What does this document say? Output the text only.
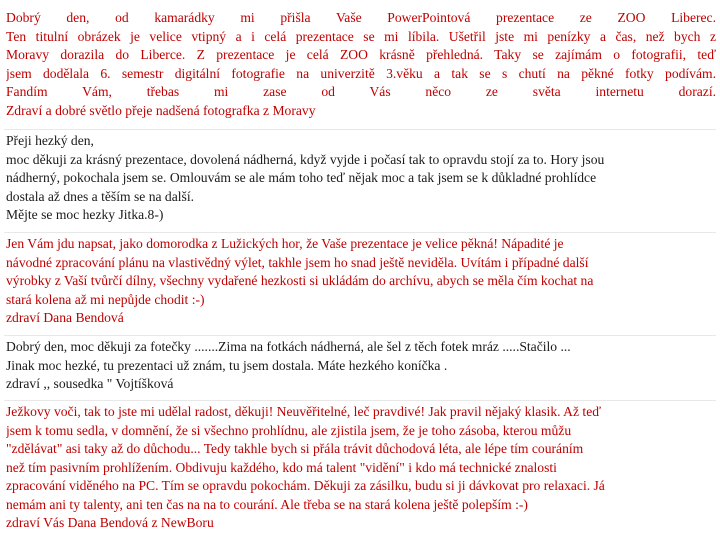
Dobrý den, od kamarádky mi přišla Vaše PowerPointová prezentace ze ZOO Liberec.
Ten titulní obrázek je velice vtipný a i celá prezentace se mi líbila. Ušetřil jste mi penízky a čas, než bych z
Moravy dorazila do Liberce. Z prezentace je celá ZOO krásně přehledná. Taky se zajímám o fotografii, teď
jsem dodělala 6. semestr digitální fotografie na univerzitě 3.věku a tak se s chutí na pěkné fotky podívám.
Fandím Vám, třebas mi zase od Vás něco ze světa internetu dorazí.
Zdraví a dobré světlo přeje nadšená fotografka z Moravy
Přeji hezký den,
moc děkuji za krásný prezentace, dovolená nádherná, když vyjde i počasí tak to opravdu stojí za to. Hory jsou
nádherný, pokochala jsem se. Omlouvám se ale mám toho teď nějak moc a tak jsem se k důkladné prohlídce
dostala až dnes a těším se na další.
Mějte se moc hezky Jitka.8-)
Jen Vám jdu napsat, jako domorodka z Lužických hor, že Vaše prezentace je velice pěkná! Nápadité je
návodné zpracování plánu na vlastivědný výlet, takhle jsem ho snad ještě neviděla. Uvítám i případné další
výrobky z Vaší tvůrčí dílny, všechny vydařené hezkosti si ukládám do archívu, abych se měla čím kochat na
stará kolena až mi nepůjde chodit :-)
zdraví Dana Bendová
Dobrý den, moc děkuji za fotečky .......Zima na fotkách nádherná, ale šel z těch fotek mráz .....Stačilo ...
Jinak moc hezké, tu prezentaci už znám, tu jsem dostala. Máte hezkého koníčka .
zdraví ,, sousedka " Vojtíšková
Ježkovy voči, tak to jste mi udělal radost, děkuji! Neuvěřitelné, leč pravdivé! Jak pravil nějaký klasik. Až teď
jsem k tomu sedla, v domnění, že si všechno prohlídnu, ale zjistila jsem, že je toho zásoba, kterou můžu
"zdělávat" asi taky až do důchodu... Tedy takhle bych si přála trávit důchodová léta, ale lépe tím couráním
než tím pasivním prohlížením. Obdivuju každého, kdo má talent "vidění" i kdo má technické znalosti
zpracování viděného na PC. Tím se opravdu pokochám. Děkuji za zásilku, budu si ji dávkovat pro relaxaci. Já
nemám ani ty talenty, ani ten čas na na to courání. Ale třeba se na stará kolena ještě polepším :-)
zdraví Vás Dana Bendová z NewBoru
